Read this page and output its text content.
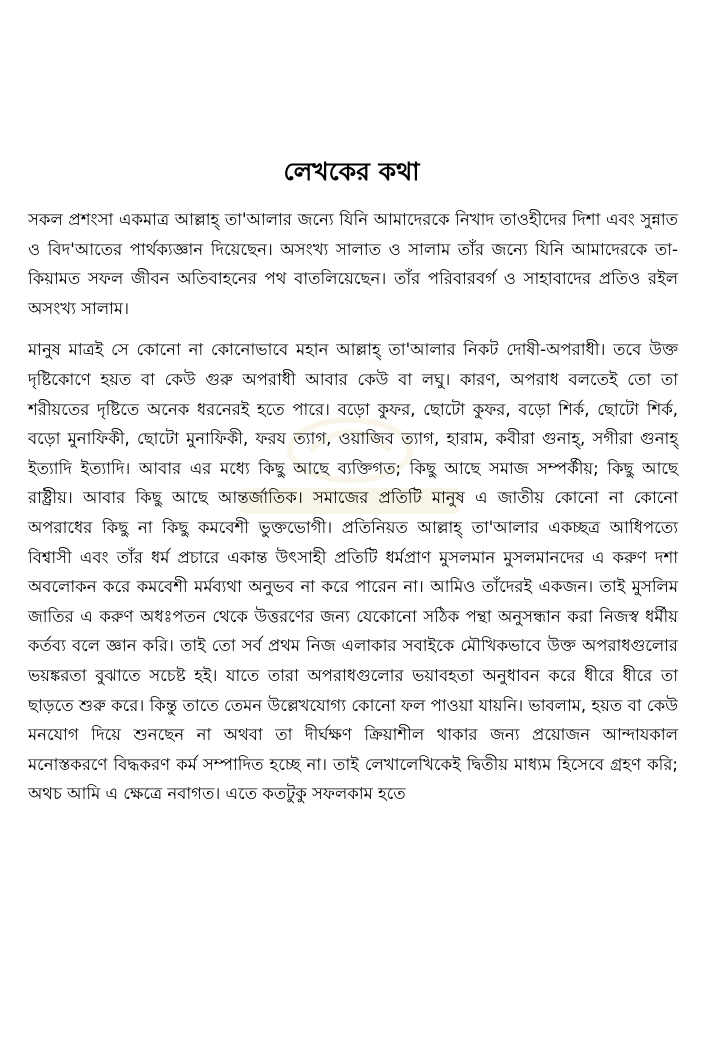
লেখকের কথা

সকল প্রশংসা একমাত্র আল্লাহ্ তা'আলার জন্যে যিনি আমাদেরকে নিখাদ তাওহীদের দিশা এবং সুন্নাত ও বিদ'আতের পার্থক্যজ্ঞান দিয়েছেন। অসংখ্য সালাত ও সালাম তাঁর জন্যে যিনি আমাদেরকে তা-কিয়ামত সফল জীবন অতিবাহনের পথ বাতলিয়েছেন। তাঁর পরিবারবর্গ ও সাহাবাদের প্রতিও রইল অসংখ্য সালাম।

মানুষ মাত্রই সে কোনো না কোনোভাবে মহান আল্লাহ্ তা'আলার নিকট দোষী-অপরাধী। তবে উক্ত দৃষ্টিকোণে হয়ত বা কেউ গুরু অপরাধী আবার কেউ বা লঘু। কারণ, অপরাধ বলতেই তো তা শরীয়তের দৃষ্টিতে অনেক ধরনেরই হতে পারে। বড়ো কুফর, ছোটো কুফর, বড়ো শির্ক, ছোটো শির্ক, বড়ো মুনাফিকী, ছোটো মুনাফিকী, ফরয ত্যাগ, ওয়াজিব ত্যাগ, হারাম, কবীরা গুনাহ্, সগীরা গুনাহ্ ইত্যাদি ইত্যাদি। আবার এর মধ্যে কিছু আছে ব্যক্তিগত; কিছু আছে সমাজ সম্পর্কীয়; কিছু আছে রাষ্ট্রীয়। আবার কিছু আছে আন্তর্জাতিক। সমাজের প্রতিটি মানুষ এ জাতীয় কোনো না কোনো অপরাধের কিছু না কিছু কমবেশী ভুক্তভোগী। প্রতিনিয়ত আল্লাহ্ তা'আলার একচ্ছত্র আধিপত্যে বিশ্বাসী এবং তাঁর ধর্ম প্রচারে একান্ত উৎসাহী প্রতিটি ধর্মপ্রাণ মুসলমান মুসলমানদের এ করুণ দশা অবলোকন করে কমবেশী মর্মব্যথা অনুভব না করে পারেন না। আমিও তাঁদেরই একজন। তাই মুসলিম জাতির এ করুণ অধঃপতন থেকে উত্তরণের জন্য যেকোনো সঠিক পন্থা অনুসন্ধান করা নিজস্ব ধর্মীয় কর্তব্য বলে জ্ঞান করি। তাই তো সর্ব প্রথম নিজ এলাকার সবাইকে মৌখিকভাবে উক্ত অপরাধগুলোর ভয়ঙ্করতা বুঝাতে সচেষ্ট হই। যাতে তারা অপরাধগুলোর ভয়াবহতা অনুধাবন করে ধীরে ধীরে তা ছাড়তে শুরু করে। কিন্তু তাতে তেমন উল্লেখযোগ্য কোনো ফল পাওয়া যায়নি। ভাবলাম, হয়ত বা কেউ মনযোগ দিয়ে শুনছেন না অথবা তা দীর্ঘক্ষণ ক্রিয়াশীল থাকার জন্য প্রয়োজন আন্দাযকাল মনোস্তকরণে বিদ্ধকরণ কর্ম সম্পাদিত হচ্ছে না। তাই লেখালেখিকেই দ্বিতীয় মাধ্যম হিসেবে গ্রহণ করি; অথচ আমি এ ক্ষেত্রে নবাগত। এতে কতটুকু সফলকাম হতে
